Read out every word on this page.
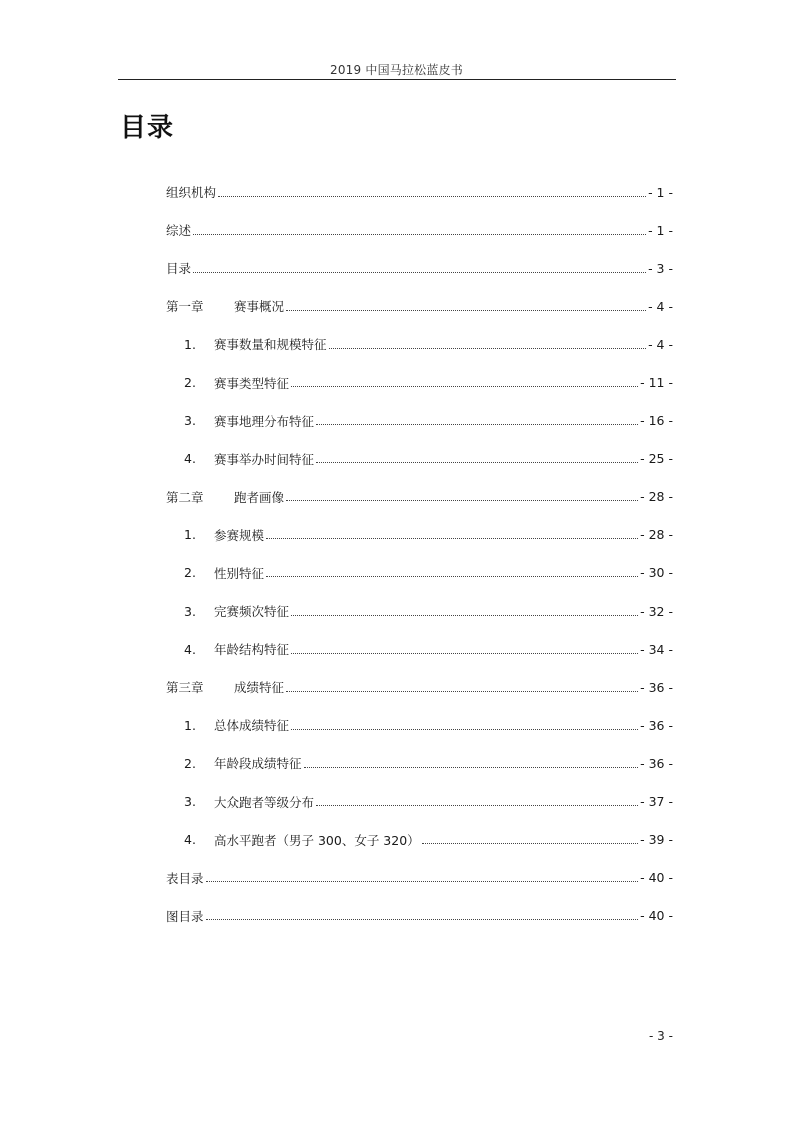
2019 中国马拉松蓝皮书
目录
组织机构	- 1 -
综述	- 1 -
目录	- 3 -
第一章	赛事概况	- 4 -
1.	赛事数量和规模特征	- 4 -
2.	赛事类型特征	- 11 -
3.	赛事地理分布特征	- 16 -
4.	赛事举办时间特征	- 25 -
第二章	跑者画像	- 28 -
1.	参赛规模	- 28 -
2.	性别特征	- 30 -
3.	完赛频次特征	- 32 -
4.	年龄结构特征	- 34 -
第三章	成绩特征	- 36 -
1.	总体成绩特征	- 36 -
2.	年龄段成绩特征	- 36 -
3.	大众跑者等级分布	- 37 -
4.	高水平跑者（男子 300、女子 320）	- 39 -
表目录	- 40 -
图目录	- 40 -
- 3 -
